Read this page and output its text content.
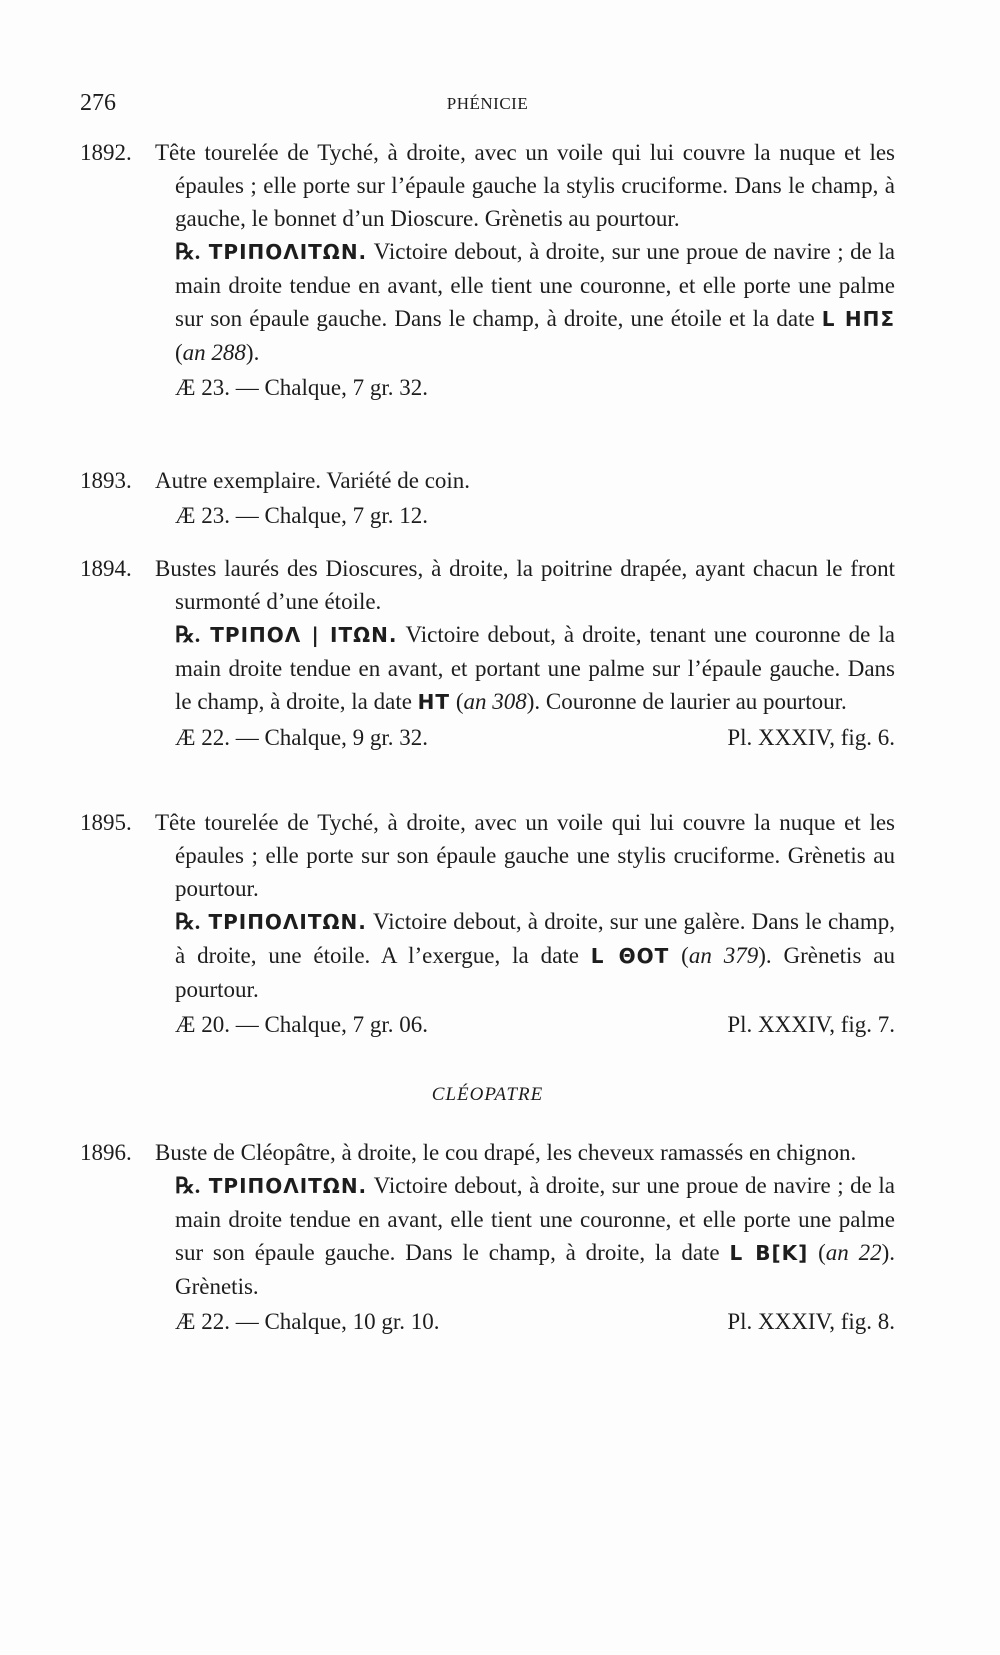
276	PHÉNICIE
1892.	Tête tourelée de Tyché, à droite, avec un voile qui lui couvre la nuque et les épaules ; elle porte sur l’épaule gauche la stylis cruciforme. Dans le champ, à gauche, le bonnet d’un Dioscure. Grènetis au pourtour.
℞. ΤΡΙΠΟΛΙΤΩΝ. Victoire debout, à droite, sur une proue de navire ; de la main droite tendue en avant, elle tient une couronne, et elle porte une palme sur son épaule gauche. Dans le champ, à droite, une étoile et la date L ΗΠΣ (an 288).
Æ 23. — Chalque, 7 gr. 32.
1893.	Autre exemplaire. Variété de coin.
Æ 23. — Chalque, 7 gr. 12.
1894.	Bustes laurés des Dioscures, à droite, la poitrine drapée, ayant chacun le front surmonté d’une étoile.
℞. ΤΡΙΠΟΛ | ΙΤΩΝ. Victoire debout, à droite, tenant une couronne de la main droite tendue en avant, et portant une palme sur l’épaule gauche. Dans le champ, à droite, la date ΗΤ (an 308). Couronne de laurier au pourtour.
Æ 22. — Chalque, 9 gr. 32.	Pl. XXXIV, fig. 6.
1895.	Tête tourelée de Tyché, à droite, avec un voile qui lui couvre la nuque et les épaules ; elle porte sur son épaule gauche une stylis cruciforme. Grènetis au pourtour.
℞. ΤΡΙΠΟΛΙΤΩΝ. Victoire debout, à droite, sur une galère. Dans le champ, à droite, une étoile. A l’exergue, la date L ΘΟΤ (an 379). Grènetis au pourtour.
Æ 20. — Chalque, 7 gr. 06.	Pl. XXXIV, fig. 7.
CLÉOPATRE
1896.	Buste de Cléopâtre, à droite, le cou drapé, les cheveux ramassés en chignon.
℞. ΤΡΙΠΟΛΙΤΩΝ. Victoire debout, à droite, sur une proue de navire ; de la main droite tendue en avant, elle tient une couronne, et elle porte une palme sur son épaule gauche. Dans le champ, à droite, la date L B[K] (an 22). Grènetis.
Æ 22. — Chalque, 10 gr. 10.	Pl. XXXIV, fig. 8.
